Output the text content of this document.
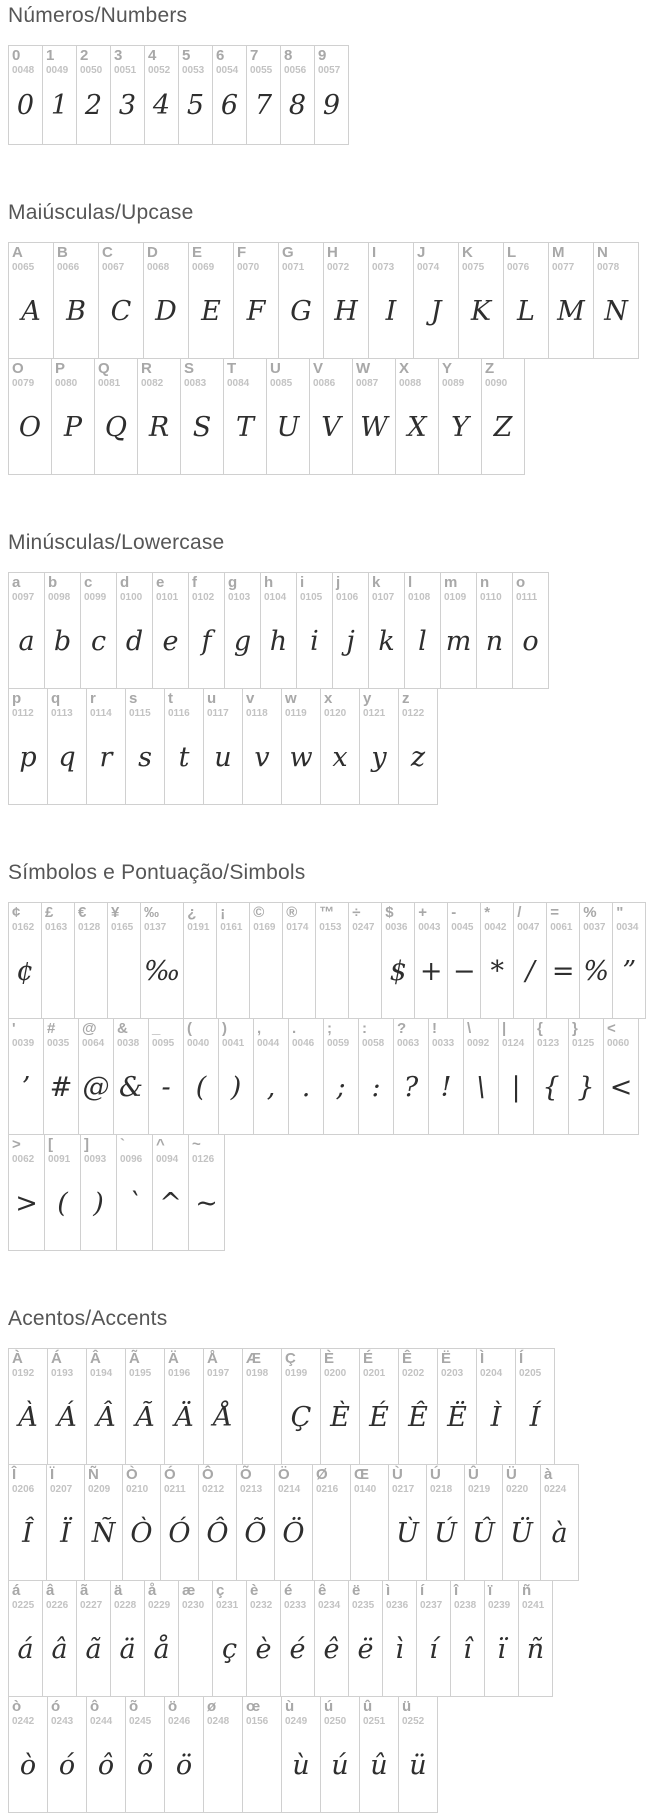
Números/Numbers
0
0048
0
1
0049
1
2
0050
2
3
0051
3
4
0052
4
5
0053
5
6
0054
6
7
0055
7
8
0056
8
9
0057
9
Maiúsculas/Upcase
A
0065
A
B
0066
B
C
0067
C
D
0068
D
E
0069
E
F
0070
F
G
0071
G
H
0072
H
I
0073
I
J
0074
J
K
0075
K
L
0076
L
M
0077
M
N
0078
N
O
0079
O
P
0080
P
Q
0081
Q
R
0082
R
S
0083
S
T
0084
T
U
0085
U
V
0086
V
W
0087
W
X
0088
X
Y
0089
Y
Z
0090
Z
Minúsculas/Lowercase
a
0097
a
b
0098
b
c
0099
c
d
0100
d
e
0101
e
f
0102
f
g
0103
g
h
0104
h
i
0105
i
j
0106
j
k
0107
k
l
0108
l
m
0109
m
n
0110
n
o
0111
o
p
0112
p
q
0113
q
r
0114
r
s
0115
s
t
0116
t
u
0117
u
v
0118
v
w
0119
w
x
0120
x
y
0121
y
z
0122
z
Símbolos e Pontuação/Simbols
¢
0162
¢
£
0163
€
0128
¥
0165
‰
0137
‰
¿
0191
¡
0161
©
0169
®
0174
™
0153
÷
0247
$
0036
$
+
0043
+
-
0045
−
*
0042
*
/
0047
/
=
0061
=
%
0037
%
"
0034
”
'
0039
’
#
0035
#
@
0064
@
&
0038
&
_
0095
-
(
0040
(
)
0041
)
,
0044
,
.
0046
.
;
0059
;
:
0058
:
?
0063
?
!
0033
!
\
0092
\
|
0124
|
{
0123
{
}
0125
}
<
0060
<
>
0062
>
[
0091
(
]
0093
)
`
0096
`
^
0094
^
~
0126
~
Acentos/Accents
À
0192
À
Á
0193
Á
Â
0194
Â
Ã
0195
Ã
Ä
0196
Ä
Å
0197
Å
Æ
0198
Ç
0199
Ç
È
0200
È
É
0201
É
Ê
0202
Ê
Ë
0203
Ë
Ì
0204
Ì
Í
0205
Í
Î
0206
Î
Ï
0207
Ï
Ñ
0209
Ñ
Ò
0210
Ò
Ó
0211
Ó
Ô
0212
Ô
Õ
0213
Õ
Ö
0214
Ö
Ø
0216
Œ
0140
Ù
0217
Ù
Ú
0218
Ú
Û
0219
Û
Ü
0220
Ü
à
0224
à
á
0225
á
â
0226
â
ã
0227
ã
ä
0228
ä
å
0229
å
æ
0230
ç
0231
ç
è
0232
è
é
0233
é
ê
0234
ê
ë
0235
ë
ì
0236
ì
í
0237
í
î
0238
î
ï
0239
ï
ñ
0241
ñ
ò
0242
ò
ó
0243
ó
ô
0244
ô
õ
0245
õ
ö
0246
ö
ø
0248
œ
0156
ù
0249
ù
ú
0250
ú
û
0251
û
ü
0252
ü
